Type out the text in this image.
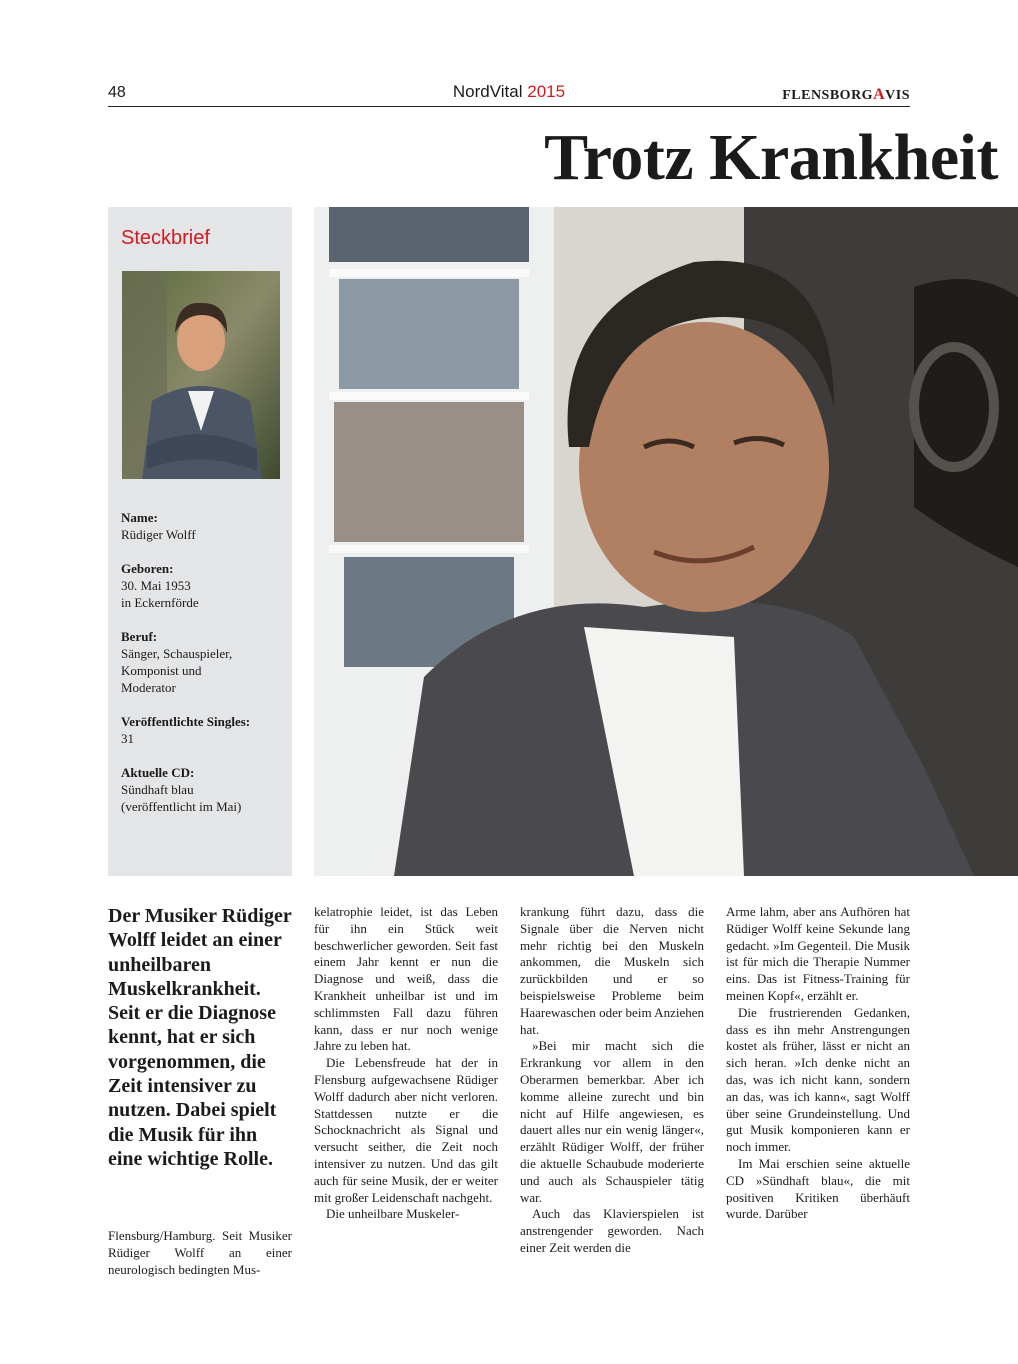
48	NordVital 2015	FLENSBORGAVIS
Trotz Krankheit
Steckbrief
Name:
Rüdiger Wolff
Geboren:
30. Mai 1953
in Eckernförde
Beruf:
Sänger, Schauspieler,
Komponist und
Moderator
Veröffentlichte Singles:
31
Aktuelle CD:
Sündhaft blau
(veröffentlicht im Mai)
Der Musiker Rüdiger Wolff leidet an einer unheilbaren Muskelkrankheit. Seit er die Diagnose kennt, hat er sich vorgenommen, die Zeit intensiver zu nutzen. Dabei spielt die Musik für ihn eine wichtige Rolle.
Flensburg/Hamburg. Seit Musiker Rüdiger Wolff an einer neurologisch bedingten Mus-

kelatrophie leidet, ist das Leben für ihn ein Stück weit beschwerlicher geworden. Seit fast einem Jahr kennt er nun die Diagnose und weiß, dass die Krankheit unheilbar ist und im schlimmsten Fall dazu führen kann, dass er nur noch wenige Jahre zu leben hat.

Die Lebensfreude hat der in Flensburg aufgewachsene Rüdiger Wolff dadurch aber nicht verloren. Stattdessen nutzte er die Schocknachricht als Signal und versucht seither, die Zeit noch intensiver zu nutzen. Und das gilt auch für seine Musik, der er weiter mit großer Leidenschaft nachgeht.

Die unheilbare Muskeler-

krankung führt dazu, dass die Signale über die Nerven nicht mehr richtig bei den Muskeln ankommen, die Muskeln sich zurückbilden und er so beispielsweise Probleme beim Haarewaschen oder beim Anziehen hat.

»Bei mir macht sich die Erkrankung vor allem in den Oberarmen bemerkbar. Aber ich komme alleine zurecht und bin nicht auf Hilfe angewiesen, es dauert alles nur ein wenig länger«, erzählt Rüdiger Wolff, der früher die aktuelle Schaubude moderierte und auch als Schauspieler tätig war.

Auch das Klavierspielen ist anstrengender geworden. Nach einer Zeit werden die

Arme lahm, aber ans Aufhören hat Rüdiger Wolff keine Sekunde lang gedacht. »Im Gegenteil. Die Musik ist für mich die Therapie Nummer eins. Das ist Fitness-Training für meinen Kopf«, erzählt er.

Die frustrierenden Gedanken, dass es ihn mehr Anstrengungen kostet als früher, lässt er nicht an sich heran. »Ich denke nicht an das, was ich nicht kann, sondern an das, was ich kann«, sagt Wolff über seine Grundeinstellung. Und gut Musik komponieren kann er noch immer.

Im Mai erschien seine aktuelle CD »Sündhaft blau«, die mit positiven Kritiken überhäuft wurde. Darüber
